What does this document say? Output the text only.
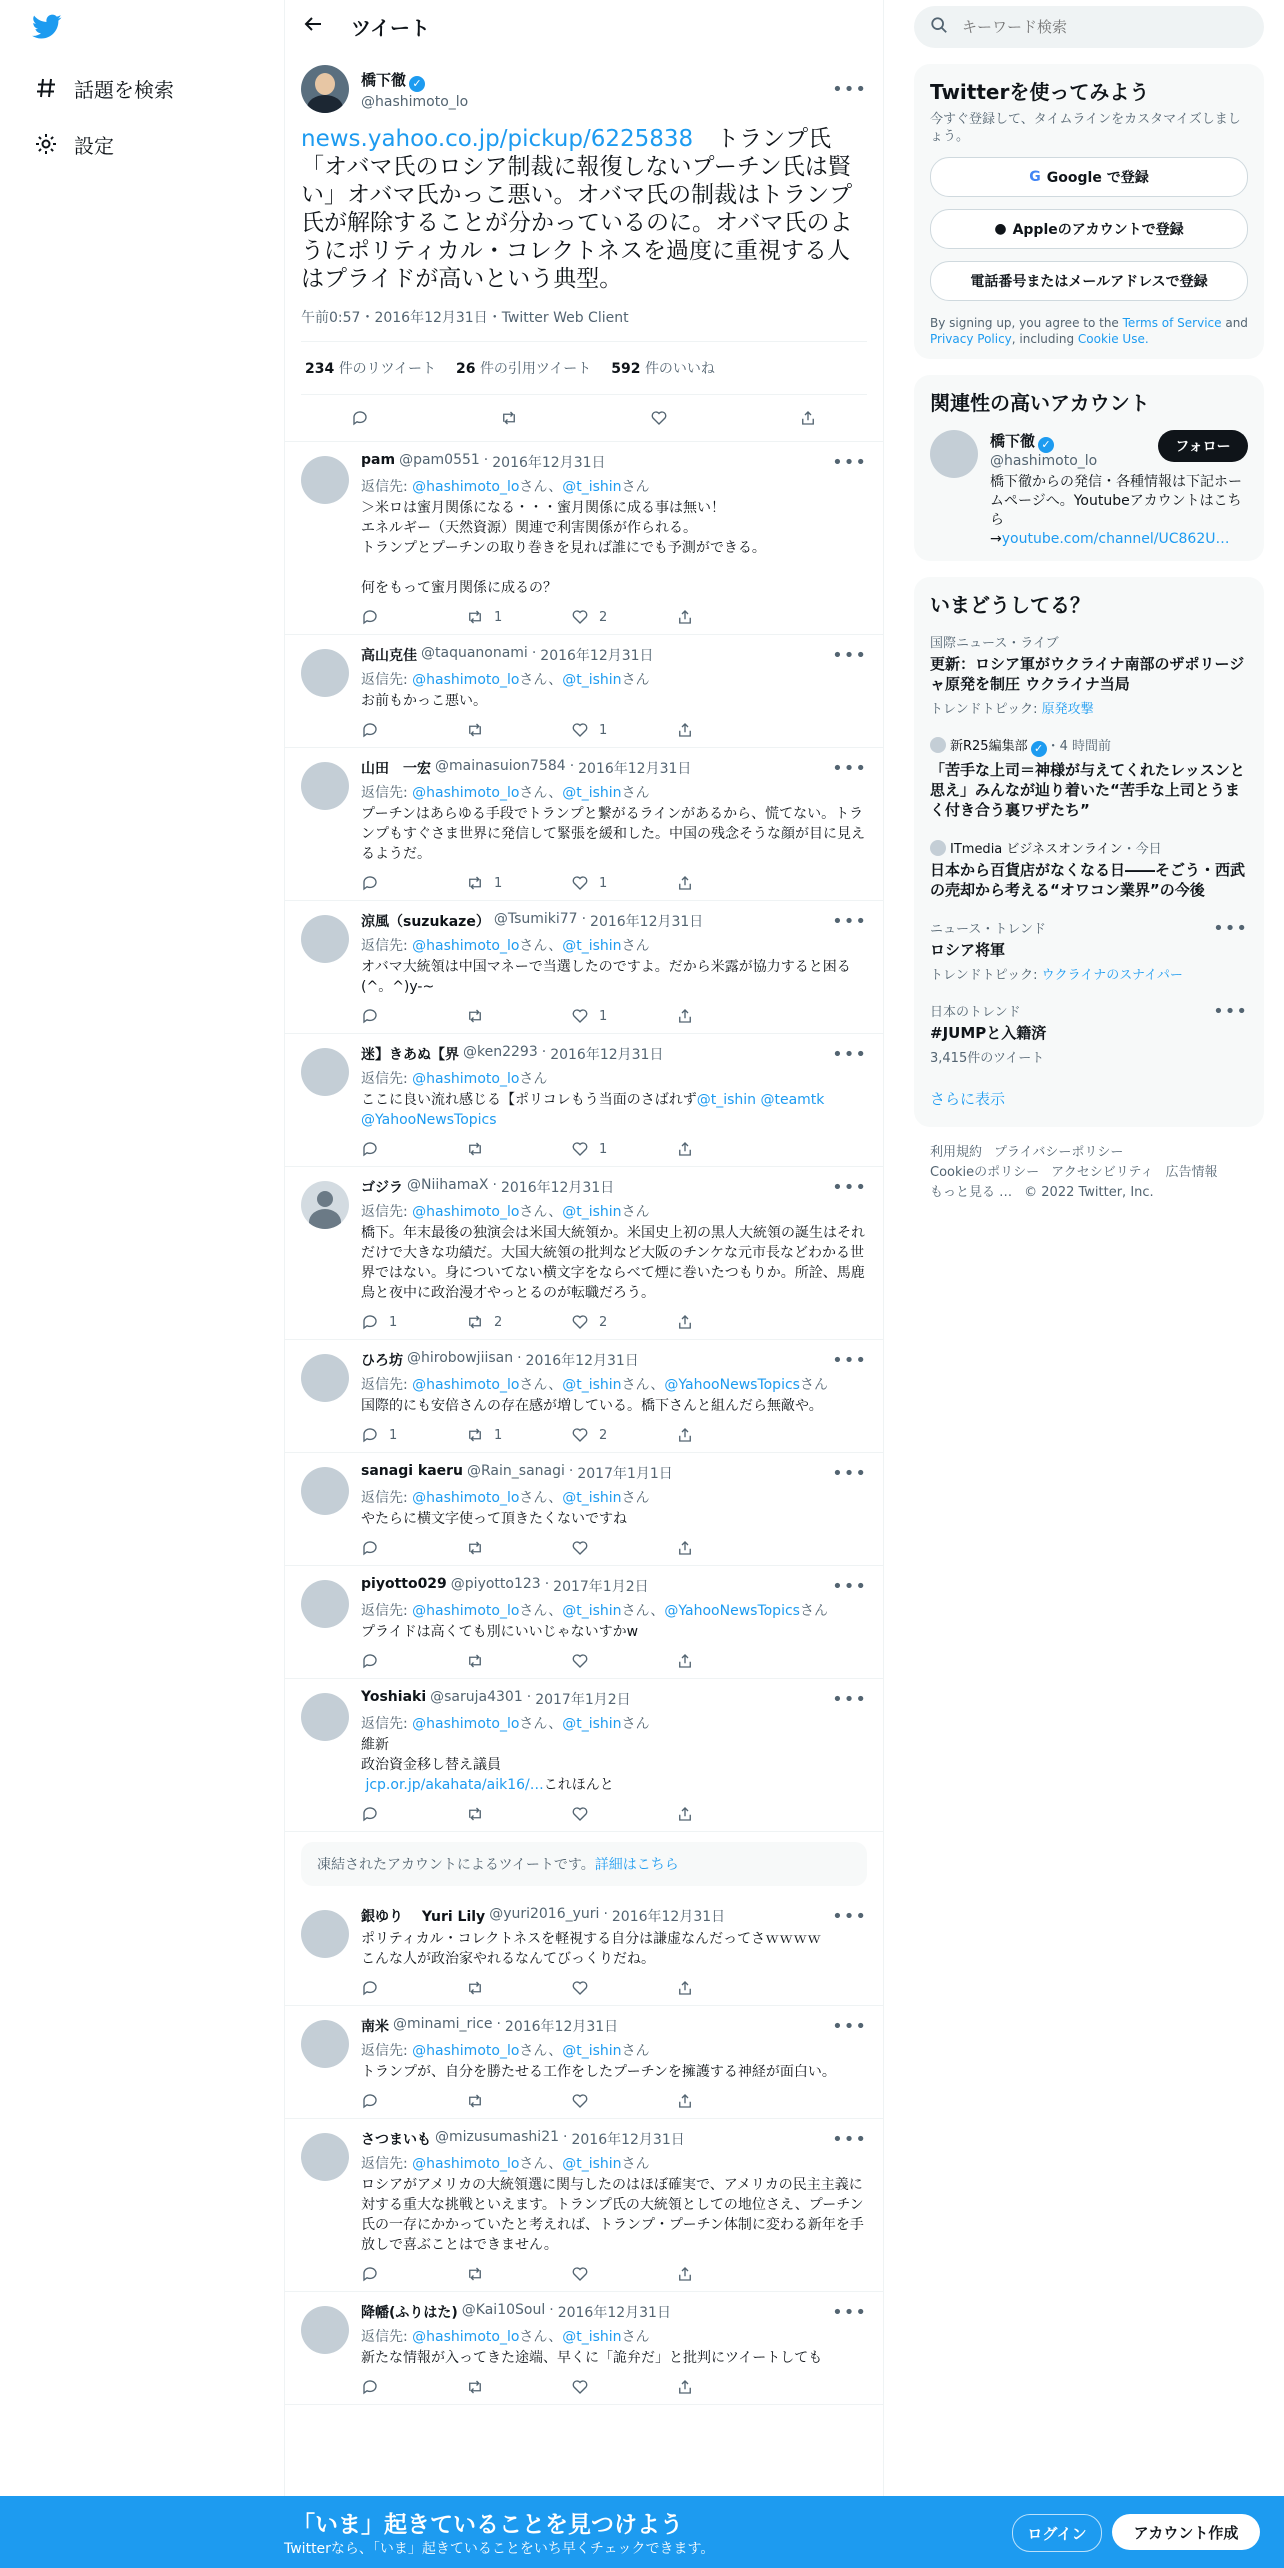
話題を検索
設定
ツイート
橋下徹 ✓
@hashimoto_lo
•••
news.yahoo.co.jp/pickup/6225838　トランプ氏「オバマ氏のロシア制裁に報復しないプーチン氏は賢い」オバマ氏かっこ悪い。オバマ氏の制裁はトランプ氏が解除することが分かっているのに。オバマ氏のようにポリティカル・コレクトネスを過度に重視する人はプライドが高いという典型。
午前0:57・2016年12月31日・Twitter Web Client
234 件のリツイート 26 件の引用ツイート 592 件のいいね
pam @pam0551 · 2016年12月31日	•••
返信先: @hashimoto_loさん、@t_ishinさん
＞米ロは蜜月関係になる・・・蜜月関係に成る事は無い！
エネルギー（天然資源）関連で利害関係が作られる。
トランプとプーチンの取り巻きを見れば誰にでも予測ができる。

何をもって蜜月関係に成るの？
1	2
高山克佳 @taquanonami · 2016年12月31日	•••
返信先: @hashimoto_loさん、@t_ishinさん
お前もかっこ悪い。
1
山田　一宏 @mainasuion7584 · 2016年12月31日	•••
返信先: @hashimoto_loさん、@t_ishinさん
プーチンはあらゆる手段でトランプと繋がるラインがあるから、慌てない。トランプもすぐさま世界に発信して緊張を緩和した。中国の残念そうな顔が目に見えるようだ。
1	1
涼風（suzukaze） @Tsumiki77 · 2016年12月31日	•••
返信先: @hashimoto_loさん、@t_ishinさん
オバマ大統領は中国マネーで当選したのですよ。だから米露が協力すると困る(^。^)y-~
1
迷】きあぬ【界 @ken2293 · 2016年12月31日	•••
返信先: @hashimoto_loさん
ここに良い流れ感じる【ポリコレもう当面のさばれず@t_ishin @teamtk
@YahooNewsTopics
1
ゴジラ @NiihamaX · 2016年12月31日	•••
返信先: @hashimoto_loさん、@t_ishinさん
橋下。年末最後の独演会は米国大統領か。米国史上初の黒人大統領の誕生はそれだけで大きな功績だ。大国大統領の批判など大阪のチンケな元市長などわかる世界ではない。身についてない横文字をならべて煙に巻いたつもりか。所詮、馬鹿鳥と夜中に政治漫才やっとるのが転職だろう。
1	2	2
ひろ坊 @hirobowjiisan · 2016年12月31日	•••
返信先: @hashimoto_loさん、@t_ishinさん、@YahooNewsTopicsさん
国際的にも安倍さんの存在感が増している。橋下さんと組んだら無敵や。
1	1	2
sanagi kaeru @Rain_sanagi · 2017年1月1日	•••
返信先: @hashimoto_loさん、@t_ishinさん
やたらに横文字使って頂きたくないですね
piyotto029 @piyotto123 · 2017年1月2日	•••
返信先: @hashimoto_loさん、@t_ishinさん、@YahooNewsTopicsさん
プライドは高くても別にいいじゃないすかw
Yoshiaki @saruja4301 · 2017年1月2日	•••
返信先: @hashimoto_loさん、@t_ishinさん
維新
政治資金移し替え議員
jcp.or.jp/akahata/aik16/…これほんと
凍結されたアカウントによるツイートです。詳細はこちら
銀ゆり　 Yuri Lily @yuri2016_yuri · 2016年12月31日	•••
ポリティカル・コレクトネスを軽視する自分は謙虚なんだってさｗｗｗｗ
こんな人が政治家やれるなんてびっくりだね。
南米 @minami_rice · 2016年12月31日	•••
返信先: @hashimoto_loさん、@t_ishinさん
トランプが、自分を勝たせる工作をしたプーチンを擁護する神経が面白い。
さつまいも @mizusumashi21 · 2016年12月31日	•••
返信先: @hashimoto_loさん、@t_ishinさん
ロシアがアメリカの大統領選に関与したのはほぼ確実で、アメリカの民主主義に対する重大な挑戦といえます。トランプ氏の大統領としての地位さえ、プーチン氏の一存にかかっていたと考えれば、トランプ・プーチン体制に変わる新年を手放しで喜ぶことはできません。
降幡(ふりはた) @Kai10Soul · 2016年12月31日	•••
返信先: @hashimoto_loさん、@t_ishinさん
新たな情報が入ってきた途端、早くに「詭弁だ」と批判にツイートしても
キーワード検索
Twitterを使ってみよう
今すぐ登録して、タイムラインをカスタマイズしましょう。
G Google で登録
● Appleのアカウントで登録
電話番号またはメールアドレスで登録
By signing up, you agree to the Terms of Service and Privacy Policy, including Cookie Use.
関連性の高いアカウント
橋下徹 ✓
@hashimoto_lo
フォロー
橋下徹からの発信・各種情報は下記ホームページへ。Youtubeアカウントはこちら
→youtube.com/channel/UC862U…
いまどうしてる？
国際ニュース・ライブ
更新：ロシア軍がウクライナ南部のザポリージャ原発を制圧 ウクライナ当局
トレンドトピック: 原発攻撃
新R25編集部 ✓ ・4 時間前
「苦手な上司＝神様が与えてくれたレッスンと思え」みんなが辿り着いた“苦手な上司とうまく付き合う裏ワザたち”
ITmedia ビジネスオンライン・今日
日本から百貨店がなくなる日――そごう・西武の売却から考える“オワコン業界”の今後
ニュース・トレンド	•••
ロシア将軍
トレンドトピック: ウクライナのスナイパー
日本のトレンド	•••
#JUMPと入籍済
3,415件のツイート
さらに表示
利用規約 プライバシーポリシー
Cookieのポリシー アクセシビリティ 広告情報
もっと見る … © 2022 Twitter, Inc.
「いま」起きていることを見つけよう
Twitterなら、「いま」起きていることをいち早くチェックできます。
ログイン	アカウント作成
